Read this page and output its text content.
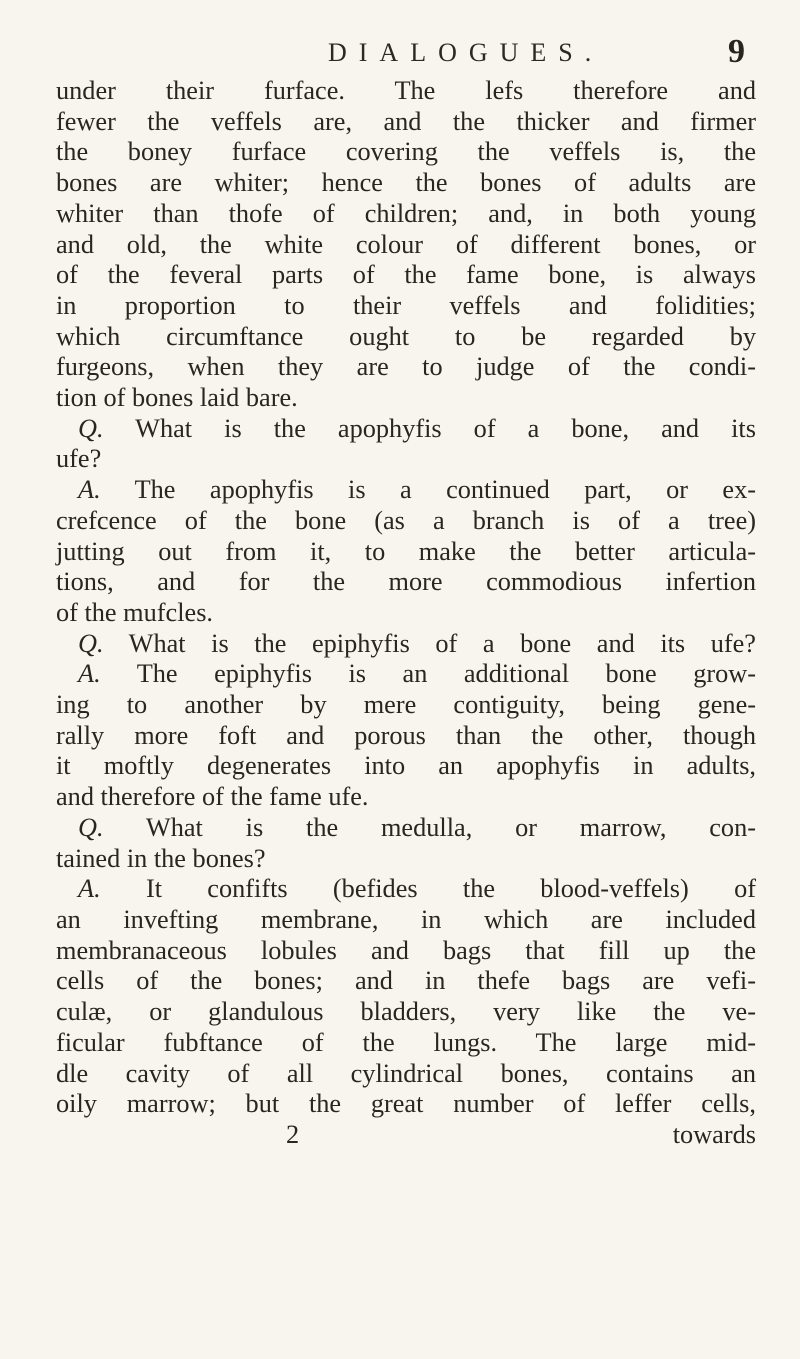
DIALOGUES.	9
under their furface. The lefs therefore and
fewer the veffels are, and the thicker and firmer
the boney furface covering the veffels is, the
bones are whiter; hence the bones of adults are
whiter than thofe of children; and, in both young
and old, the white colour of different bones, or
of the feveral parts of the fame bone, is always
in proportion to their veffels and folidities;
which circumftance ought to be regarded by
furgeons, when they are to judge of the condi-
tion of bones laid bare.
Q. What is the apophyfis of a bone, and its
ufe?
A. The apophyfis is a continued part, or ex-
crefcence of the bone (as a branch is of a tree)
jutting out from it, to make the better articula-
tions, and for the more commodious infertion
of the mufcles.
Q. What is the epiphyfis of a bone and its ufe?
A. The epiphyfis is an additional bone grow-
ing to another by mere contiguity, being gene-
rally more foft and porous than the other, though
it moftly degenerates into an apophyfis in adults,
and therefore of the fame ufe.
Q. What is the medulla, or marrow, con-
tained in the bones?
A. It confifts (befides the blood-veffels) of
an invefting membrane, in which are included
membranaceous lobules and bags that fill up the
cells of the bones; and in thefe bags are vefi-
culæ, or glandulous bladders, very like the ve-
ficular fubftance of the lungs. The large mid-
dle cavity of all cylindrical bones, contains an
oily marrow; but the great number of leffer cells,
2	towards
